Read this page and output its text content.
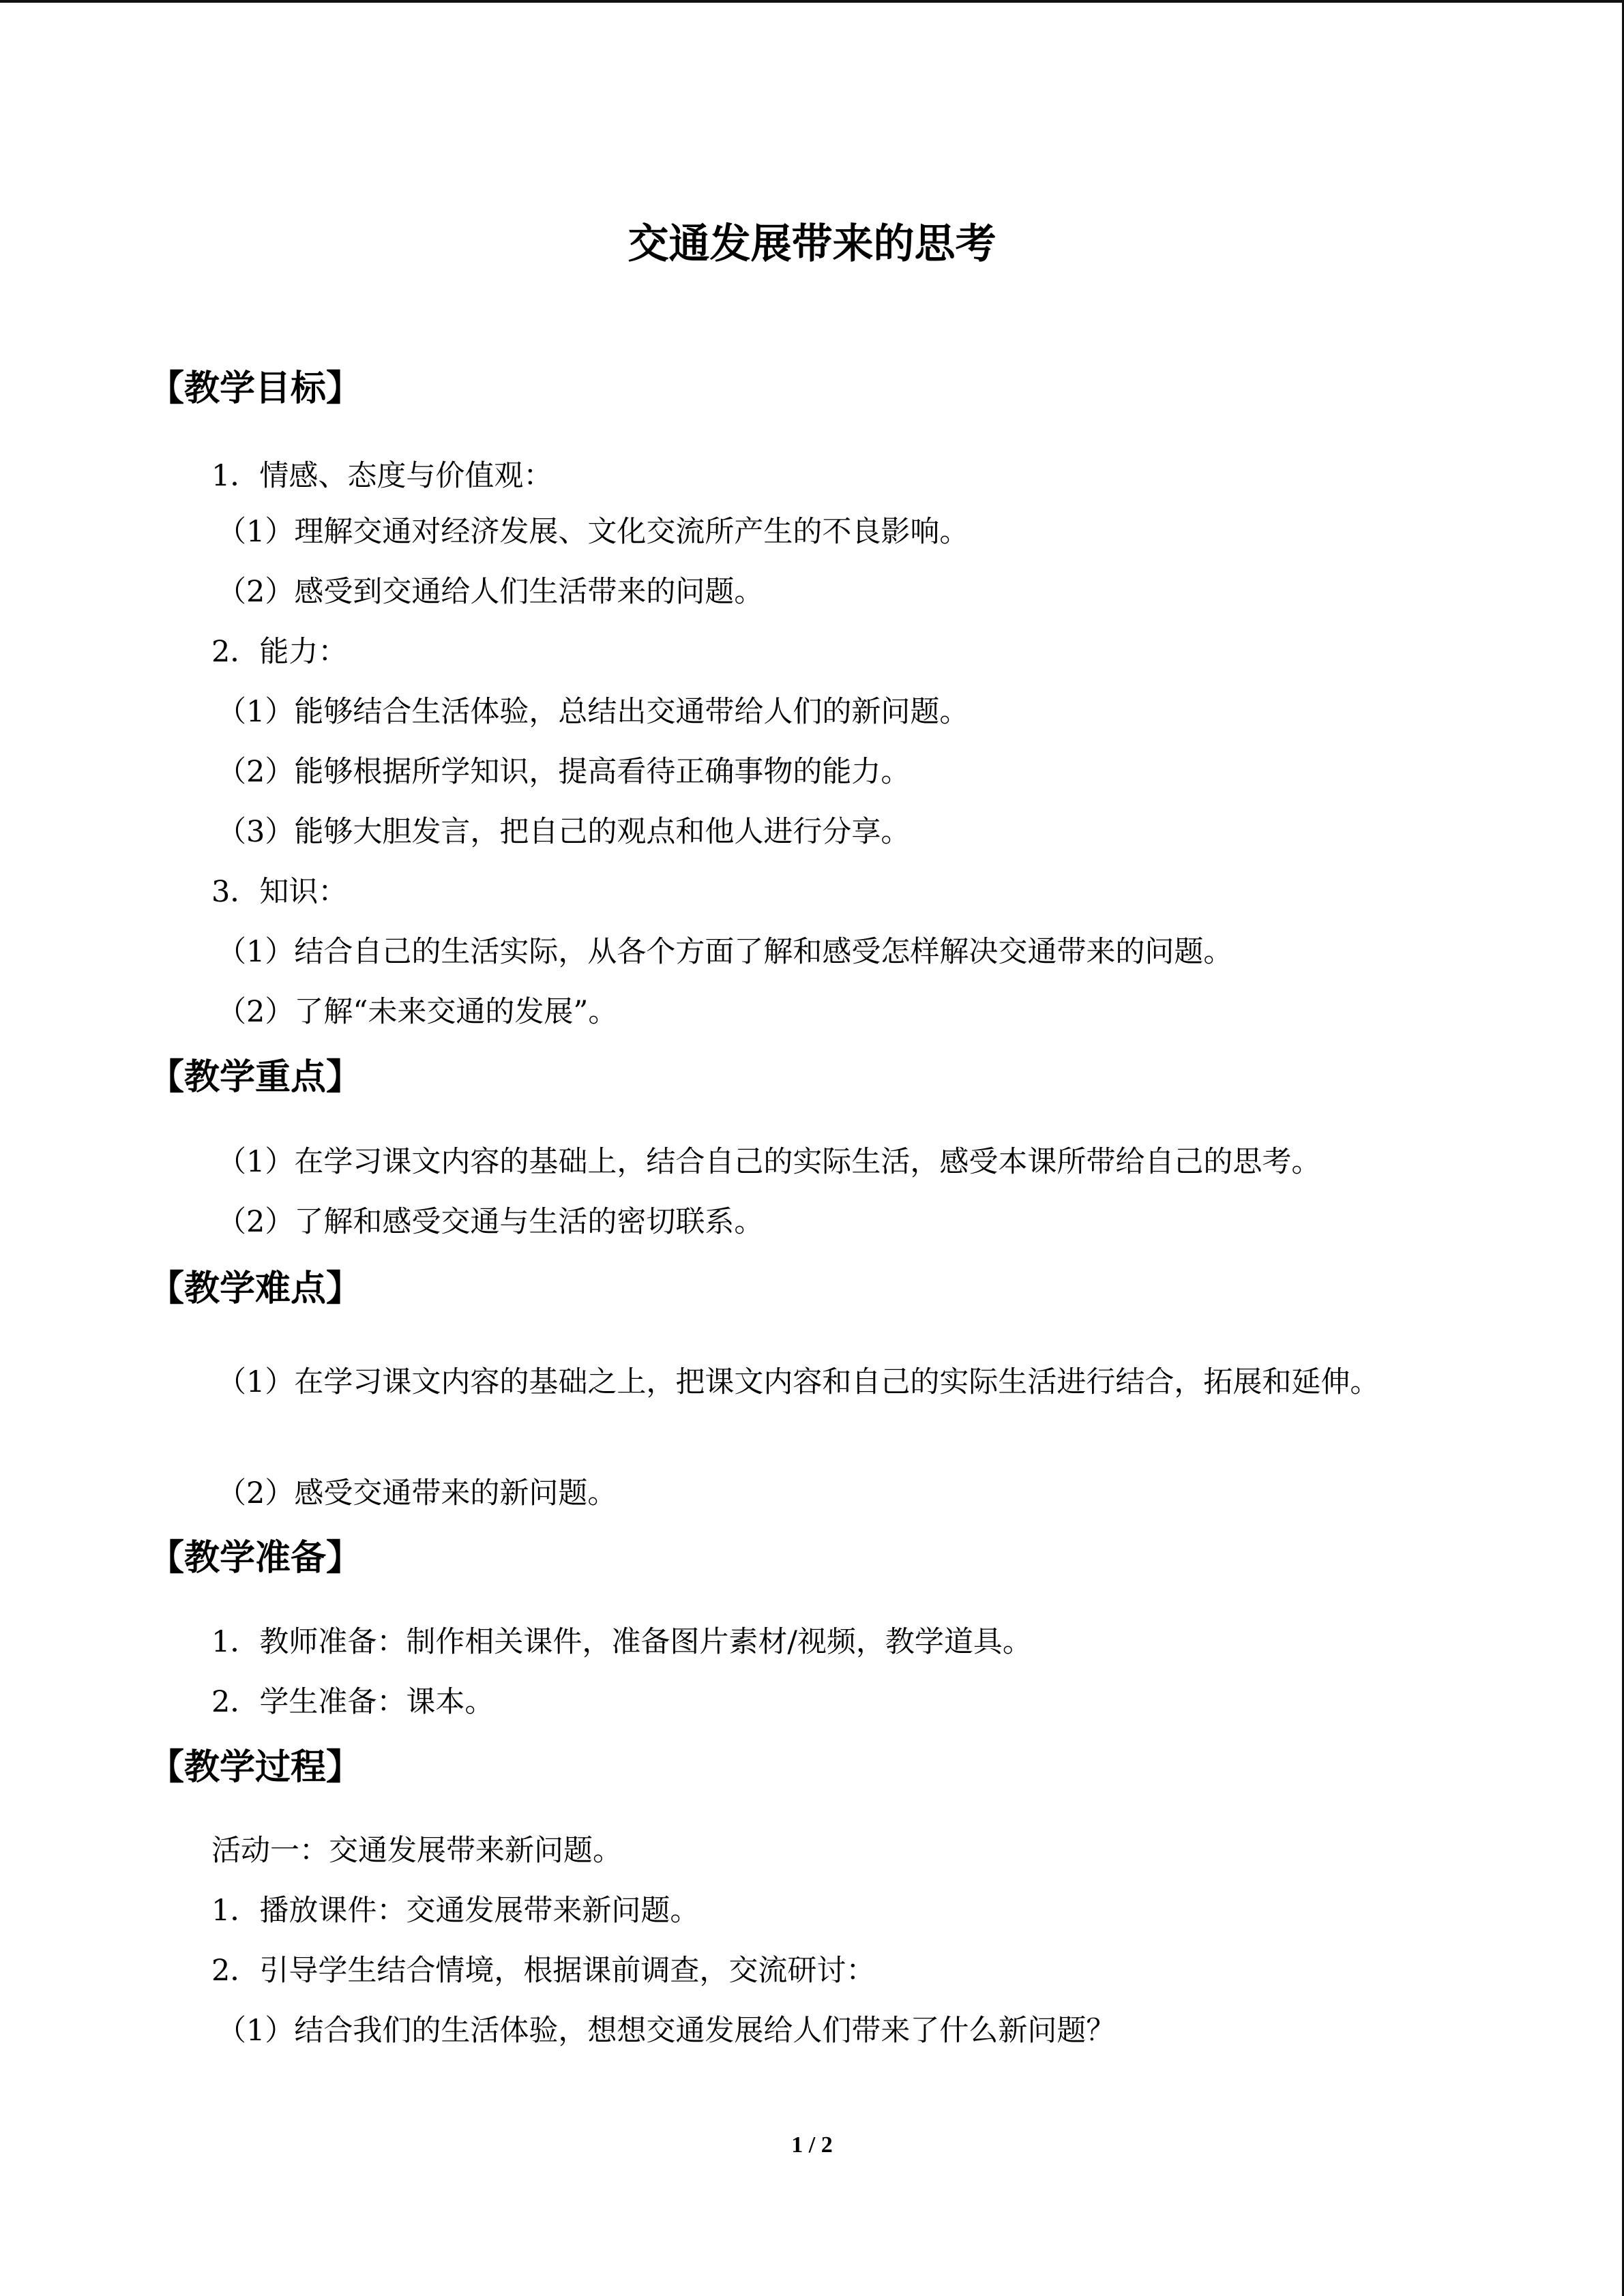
交通发展带来的思考
【教学目标】
1．情感、态度与价值观：
（1）理解交通对经济发展、文化交流所产生的不良影响。
（2）感受到交通给人们生活带来的问题。
2．能力：
（1）能够结合生活体验，总结出交通带给人们的新问题。
（2）能够根据所学知识，提高看待正确事物的能力。
（3）能够大胆发言，把自己的观点和他人进行分享。
3．知识：
（1）结合自己的生活实际，从各个方面了解和感受怎样解决交通带来的问题。
（2）了解“未来交通的发展”。
【教学重点】
（1）在学习课文内容的基础上，结合自己的实际生活，感受本课所带给自己的思考。
（2）了解和感受交通与生活的密切联系。
【教学难点】
（1）在学习课文内容的基础之上，把课文内容和自己的实际生活进行结合，拓展和延伸。
（2）感受交通带来的新问题。
【教学准备】
1．教师准备：制作相关课件，准备图片素材/视频，教学道具。
2．学生准备：课本。
【教学过程】
活动一：交通发展带来新问题。
1．播放课件：交通发展带来新问题。
2．引导学生结合情境，根据课前调查，交流研讨：
（1）结合我们的生活体验，想想交通发展给人们带来了什么新问题？
1 / 2
